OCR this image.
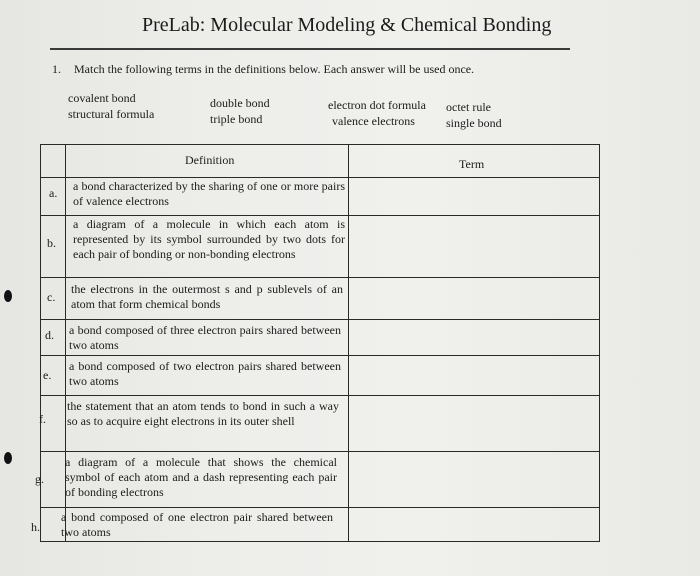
PreLab: Molecular Modeling & Chemical Bonding
1. Match the following terms in the definitions below. Each answer will be used once.
covalent bond
structural formula
double bond
triple bond
electron dot formula
valence electrons
octet rule
single bond
Definition	Term
a. a bond characterized by the sharing of one or more pairs of valence electrons
b.
a diagram of a molecule in which each atom is represented by its symbol surrounded by two dots for each pair of bonding or non-bonding electrons
c.
the electrons in the outermost s and p sublevels of an atom that form chemical bonds
d. a bond composed of three electron pairs shared between two atoms
e.
a bond composed of two electron pairs shared between two atoms
f.
the statement that an atom tends to bond in such a way so as to acquire eight electrons in its outer shell
g.
a diagram of a molecule that shows the chemical symbol of each atom and a dash representing each pair of bonding electrons
h.
a bond composed of one electron pair shared between two atoms
